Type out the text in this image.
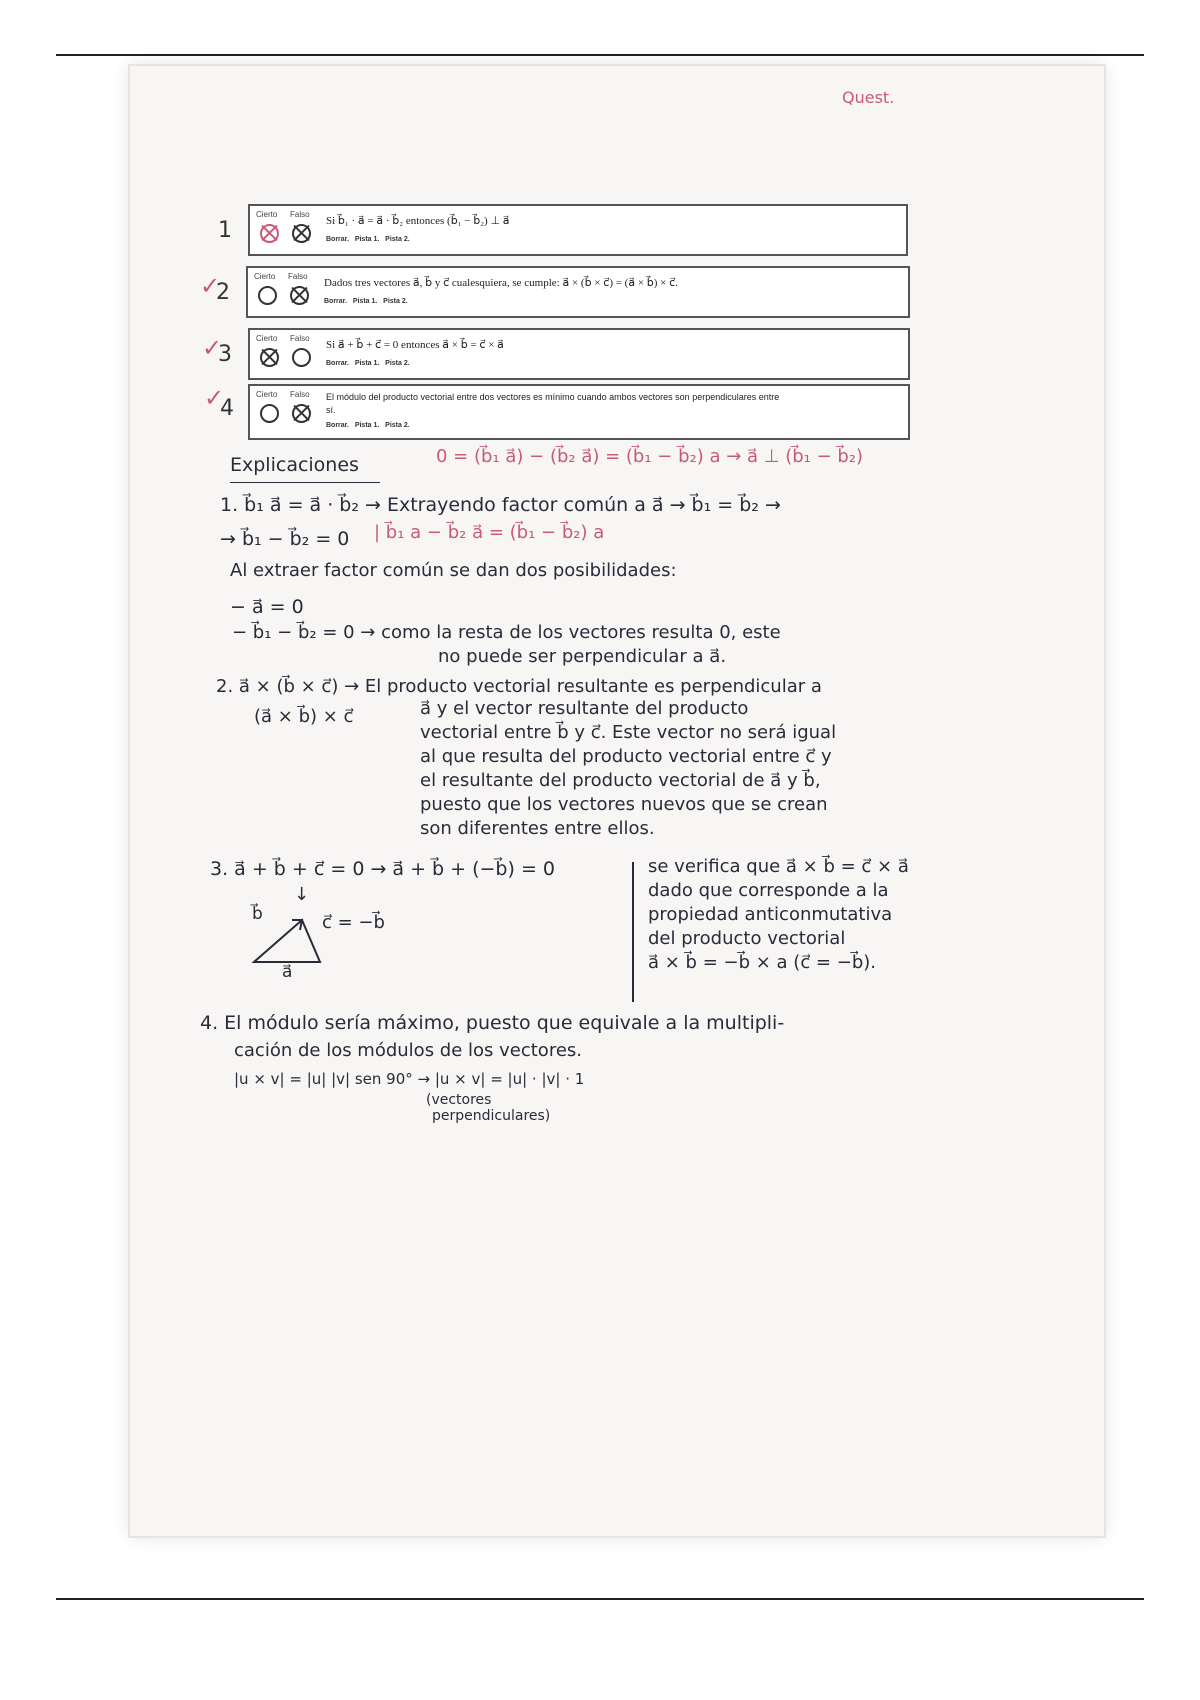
Quest.
1
Cierto Falso
Si b⃗₁ · a⃗ = a⃗ · b⃗₂ entonces (b⃗₁ − b⃗₂) ⊥ a⃗
Borrar. Pista 1. Pista 2.
✓
2
Cierto Falso
Dados tres vectores a⃗, b⃗ y c⃗ cualesquiera, se cumple: a⃗ × (b⃗ × c⃗) = (a⃗ × b⃗) × c⃗.
Borrar. Pista 1. Pista 2.
✓
3
Cierto Falso
Si a⃗ + b⃗ + c⃗ = 0 entonces a⃗ × b⃗ = c⃗ × a⃗
Borrar. Pista 1. Pista 2.
✓
4
Cierto Falso El módulo del producto vectorial entre dos vectores es mínimo cuando ambos vectores son perpendiculares entre
sí.
Borrar. Pista 1. Pista 2.
Explicaciones	0 = (b⃗₁ a⃗) − (b⃗₂ a⃗) = (b⃗₁ − b⃗₂) a → a⃗ ⊥ (b⃗₁ − b⃗₂)
1. b⃗₁ a⃗ = a⃗ · b⃗₂ → Extrayendo factor común a a⃗ → b⃗₁ = b⃗₂ →
→ b⃗₁ − b⃗₂ = 0 | b⃗₁ a − b⃗₂ a⃗ = (b⃗₁ − b⃗₂) a
Al extraer factor común se dan dos posibilidades:
− a⃗ = 0
− b⃗₁ − b⃗₂ = 0 → como la resta de los vectores resulta 0, este
no puede ser perpendicular a a⃗.
2. a⃗ × (b⃗ × c⃗) → El producto vectorial resultante es perpendicular a
(a⃗ × b⃗) × c⃗	a⃗ y el vector resultante del producto
vectorial entre b⃗ y c⃗. Este vector no será igual
al que resulta del producto vectorial entre c⃗ y
el resultante del producto vectorial de a⃗ y b⃗,
puesto que los vectores nuevos que se crean
son diferentes entre ellos.
3. a⃗ + b⃗ + c⃗ = 0 → a⃗ + b⃗ + (−b⃗) = 0
↓
b⃗	c⃗ = −b⃗
a⃗
se verifica que a⃗ × b⃗ = c⃗ × a⃗
dado que corresponde a la
propiedad anticonmutativa
del producto vectorial
a⃗ × b⃗ = −b⃗ × a (c⃗ = −b⃗).
4. El módulo sería máximo, puesto que equivale a la multipli-
cación de los módulos de los vectores.
|u × v| = |u| |v| sen 90° → |u × v| = |u| · |v| · 1
(vectores
perpendiculares)
